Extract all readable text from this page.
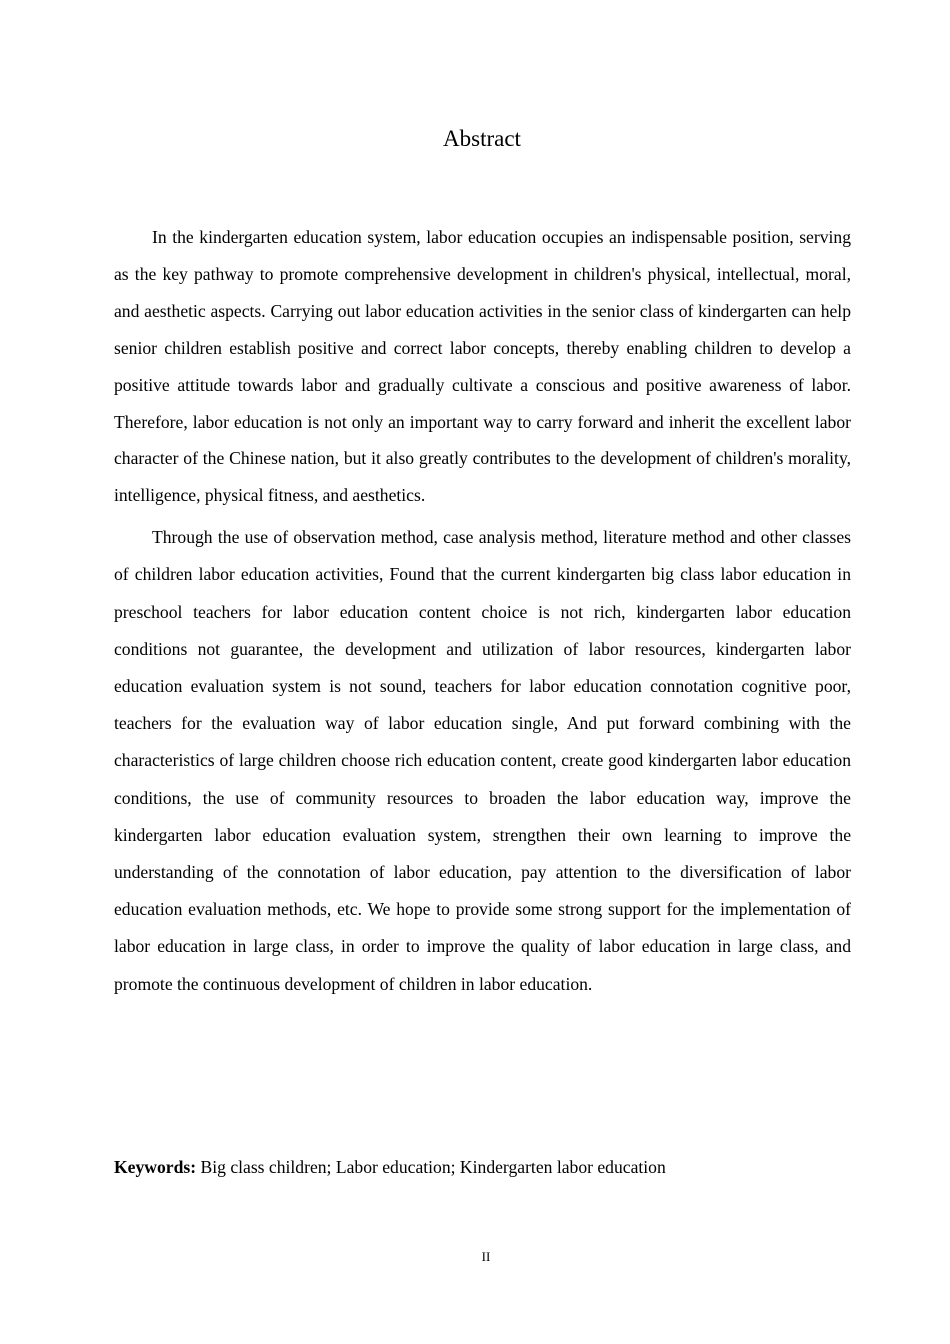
Abstract

In the kindergarten education system, labor education occupies an indispensable position, serving as the key pathway to promote comprehensive development in children's physical, intellectual, moral, and aesthetic aspects. Carrying out labor education activities in the senior class of kindergarten can help senior children establish positive and correct labor concepts, thereby enabling children to develop a positive attitude towards labor and gradually cultivate a conscious and positive awareness of labor. Therefore, labor education is not only an important way to carry forward and inherit the excellent labor character of the Chinese nation, but it also greatly contributes to the development of children's morality, intelligence, physical fitness, and aesthetics.

Through the use of observation method, case analysis method, literature method and other classes of children labor education activities, Found that the current kindergarten big class labor education in preschool teachers for labor education content choice is not rich, kindergarten labor education conditions not guarantee, the development and utilization of labor resources, kindergarten labor education evaluation system is not sound, teachers for labor education connotation cognitive poor, teachers for the evaluation way of labor education single, And put forward combining with the characteristics of large children choose rich education content, create good kindergarten labor education conditions, the use of community resources to broaden the labor education way, improve the kindergarten labor education evaluation system, strengthen their own learning to improve the understanding of the connotation of labor education, pay attention to the diversification of labor education evaluation methods, etc. We hope to provide some strong support for the implementation of labor education in large class, in order to improve the quality of labor education in large class, and promote the continuous development of children in labor education.

Keywords: Big class children; Labor education; Kindergarten labor education

II
